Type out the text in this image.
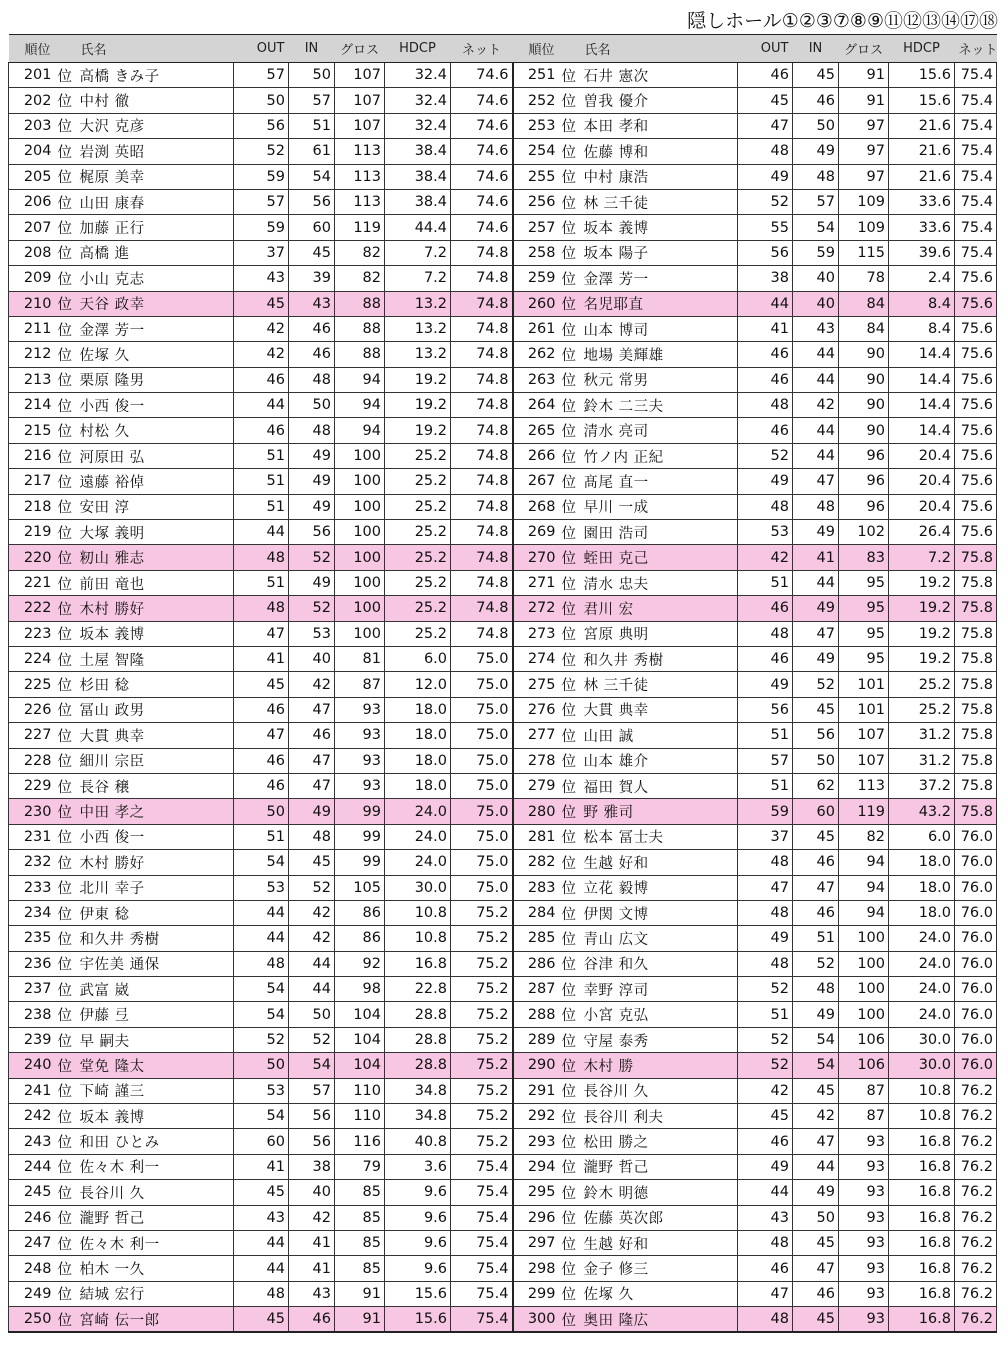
隠しホール①②③⑦⑧⑨⑪⑫⑬⑭⑰⑱
順位		氏名	OUT	IN	グロス	HDCP	ネット	順位		氏名	OUT	IN	グロス	HDCP	ネット
201	位	高橋 きみ子	57	50	107	32.4	74.6	251	位	石井 憲次	46	45	91	15.6	75.4
202	位	中村 徹	50	57	107	32.4	74.6	252	位	曽我 優介	45	46	91	15.6	75.4
203	位	大沢 克彦	56	51	107	32.4	74.6	253	位	本田 孝和	47	50	97	21.6	75.4
204	位	岩渕 英昭	52	61	113	38.4	74.6	254	位	佐藤 博和	48	49	97	21.6	75.4
205	位	梶原 美幸	59	54	113	38.4	74.6	255	位	中村 康浩	49	48	97	21.6	75.4
206	位	山田 康春	57	56	113	38.4	74.6	256	位	林 三千徒	52	57	109	33.6	75.4
207	位	加藤 正行	59	60	119	44.4	74.6	257	位	坂本 義博	55	54	109	33.6	75.4
208	位	高橋 進	37	45	82	7.2	74.8	258	位	坂本 陽子	56	59	115	39.6	75.4
209	位	小山 克志	43	39	82	7.2	74.8	259	位	金澤 芳一	38	40	78	2.4	75.6
210	位	天谷 政幸	45	43	88	13.2	74.8	260	位	名児耶直	44	40	84	8.4	75.6
211	位	金澤 芳一	42	46	88	13.2	74.8	261	位	山本 博司	41	43	84	8.4	75.6
212	位	佐塚 久	42	46	88	13.2	74.8	262	位	地場 美輝雄	46	44	90	14.4	75.6
213	位	栗原 隆男	46	48	94	19.2	74.8	263	位	秋元 常男	46	44	90	14.4	75.6
214	位	小西 俊一	44	50	94	19.2	74.8	264	位	鈴木 二三夫	48	42	90	14.4	75.6
215	位	村松 久	46	48	94	19.2	74.8	265	位	清水 亮司	46	44	90	14.4	75.6
216	位	河原田 弘	51	49	100	25.2	74.8	266	位	竹ノ内 正紀	52	44	96	20.4	75.6
217	位	遠藤 裕倬	51	49	100	25.2	74.8	267	位	髙尾 直一	49	47	96	20.4	75.6
218	位	安田 淳	51	49	100	25.2	74.8	268	位	早川 一成	48	48	96	20.4	75.6
219	位	大塚 義明	44	56	100	25.2	74.8	269	位	園田 浩司	53	49	102	26.4	75.6
220	位	籾山 雅志	48	52	100	25.2	74.8	270	位	蛭田 克己	42	41	83	7.2	75.8
221	位	前田 竜也	51	49	100	25.2	74.8	271	位	清水 忠夫	51	44	95	19.2	75.8
222	位	木村 勝好	48	52	100	25.2	74.8	272	位	君川 宏	46	49	95	19.2	75.8
223	位	坂本 義博	47	53	100	25.2	74.8	273	位	宮原 典明	48	47	95	19.2	75.8
224	位	土屋 智隆	41	40	81	6.0	75.0	274	位	和久井 秀樹	46	49	95	19.2	75.8
225	位	杉田 稔	45	42	87	12.0	75.0	275	位	林 三千徒	49	52	101	25.2	75.8
226	位	冨山 政男	46	47	93	18.0	75.0	276	位	大貫 典幸	56	45	101	25.2	75.8
227	位	大貫 典幸	47	46	93	18.0	75.0	277	位	山田 誠	51	56	107	31.2	75.8
228	位	細川 宗臣	46	47	93	18.0	75.0	278	位	山本 雄介	57	50	107	31.2	75.8
229	位	長谷 穣	46	47	93	18.0	75.0	279	位	福田 賀人	51	62	113	37.2	75.8
230	位	中田 孝之	50	49	99	24.0	75.0	280	位	野 雅司	59	60	119	43.2	75.8
231	位	小西 俊一	51	48	99	24.0	75.0	281	位	松本 冨士夫	37	45	82	6.0	76.0
232	位	木村 勝好	54	45	99	24.0	75.0	282	位	生越 好和	48	46	94	18.0	76.0
233	位	北川 幸子	53	52	105	30.0	75.0	283	位	立花 毅博	47	47	94	18.0	76.0
234	位	伊東 稔	44	42	86	10.8	75.2	284	位	伊関 文博	48	46	94	18.0	76.0
235	位	和久井 秀樹	44	42	86	10.8	75.2	285	位	青山 広文	49	51	100	24.0	76.0
236	位	宇佐美 通保	48	44	92	16.8	75.2	286	位	谷津 和久	48	52	100	24.0	76.0
237	位	武富 崴	54	44	98	22.8	75.2	287	位	幸野 淳司	52	48	100	24.0	76.0
238	位	伊藤 弖	54	50	104	28.8	75.2	288	位	小宮 克弘	51	49	100	24.0	76.0
239	位	早 嗣夫	52	52	104	28.8	75.2	289	位	守屋 泰秀	52	54	106	30.0	76.0
240	位	堂免 隆太	50	54	104	28.8	75.2	290	位	木村 勝	52	54	106	30.0	76.0
241	位	下崎 謹三	53	57	110	34.8	75.2	291	位	長谷川 久	42	45	87	10.8	76.2
242	位	坂本 義博	54	56	110	34.8	75.2	292	位	長谷川 利夫	45	42	87	10.8	76.2
243	位	和田 ひとみ	60	56	116	40.8	75.2	293	位	松田 勝之	46	47	93	16.8	76.2
244	位	佐々木 利一	41	38	79	3.6	75.4	294	位	瀧野 哲己	49	44	93	16.8	76.2
245	位	長谷川 久	45	40	85	9.6	75.4	295	位	鈴木 明德	44	49	93	16.8	76.2
246	位	瀧野 哲己	43	42	85	9.6	75.4	296	位	佐藤 英次郎	43	50	93	16.8	76.2
247	位	佐々木 利一	44	41	85	9.6	75.4	297	位	生越 好和	48	45	93	16.8	76.2
248	位	柏木 一久	44	41	85	9.6	75.4	298	位	金子 修三	46	47	93	16.8	76.2
249	位	結城 宏行	48	43	91	15.6	75.4	299	位	佐塚 久	47	46	93	16.8	76.2
250	位	宮崎 伝一郎	45	46	91	15.6	75.4	300	位	奥田 隆広	48	45	93	16.8	76.2
